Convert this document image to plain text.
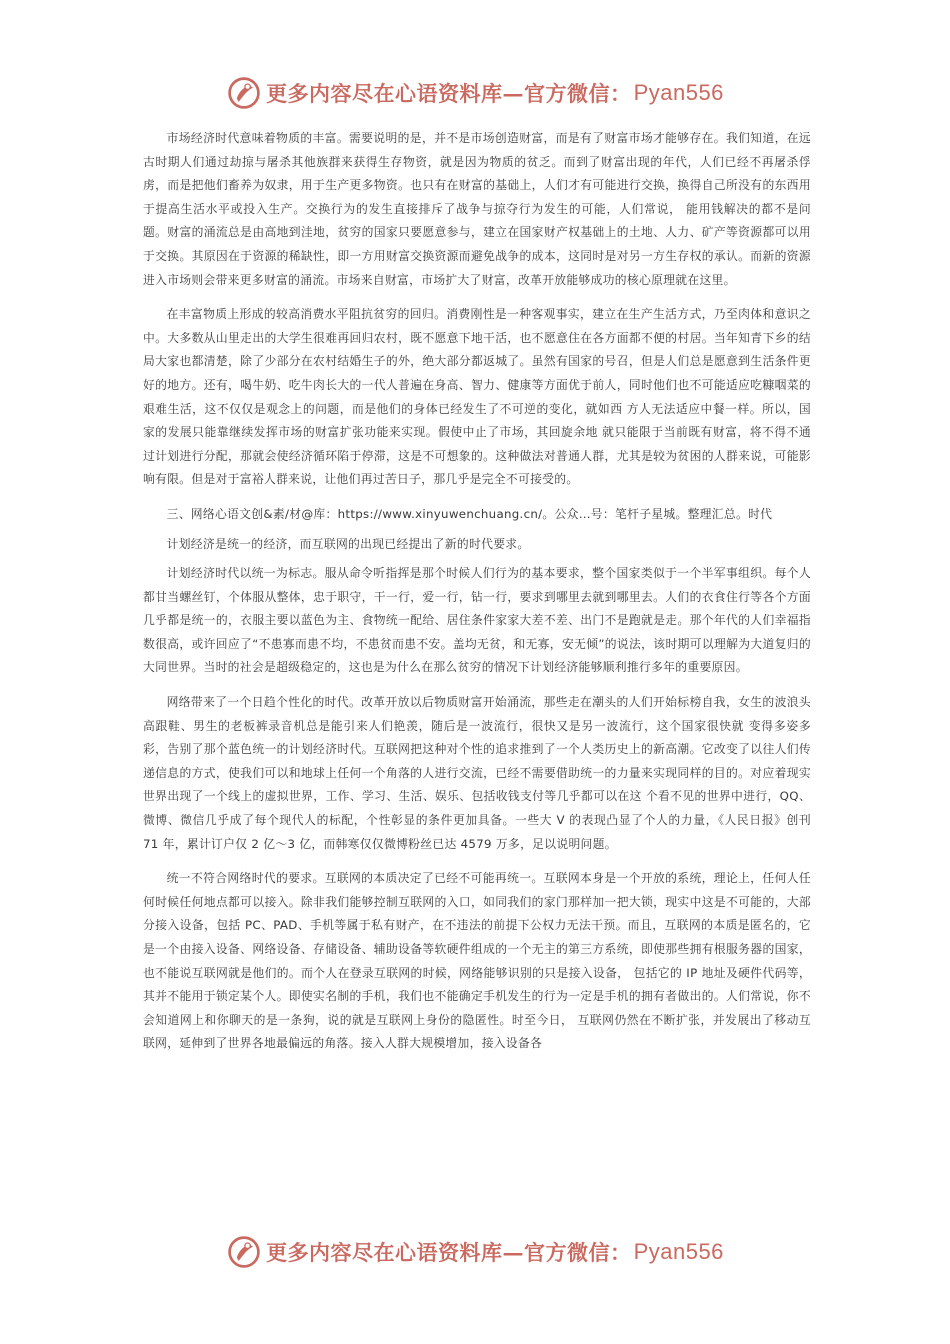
更多内容尽在心语资料库—官方微信： Pyan556

市场经济时代意味着物质的丰富。需要说明的是，并不是市场创造财富，而是有了财富市场才能够存在。我们知道，在远古时期人们通过劫掠与屠杀其他族群来获得生存物资，就是因为物质的贫乏。而到了财富出现的年代，人们已经不再屠杀俘虏，而是把他们畜养为奴隶，用于生产更多物资。也只有在财富的基础上，人们才有可能进行交换，换得自己所没有的东西用于提高生活水平或投入生产。交换行为的发生直接排斥了战争与掠夺行为发生的可能，人们常说， 能用钱解决的都不是问题。财富的涌流总是由高地到洼地，贫穷的国家只要愿意参与，建立在国家财产权基础上的土地、人力、矿产等资源都可以用于交换。其原因在于资源的稀缺性，即一方用财富交换资源而避免战争的成本，这同时是对另一方生存权的承认。而新的资源进入市场则会带来更多财富的涌流。市场来自财富，市场扩大了财富，改革开放能够成功的核心原理就在这里。

在丰富物质上形成的较高消费水平阻抗贫穷的回归。消费刚性是一种客观事实，建立在生产生活方式，乃至肉体和意识之中。大多数从山里走出的大学生很难再回归农村，既不愿意下地干活，也不愿意住在各方面都不便的村居。当年知青下乡的结局大家也都清楚，除了少部分在农村结婚生子的外，绝大部分都返城了。虽然有国家的号召，但是人们总是愿意到生活条件更好的地方。还有，喝牛奶、吃牛肉长大的一代人普遍在身高、智力、健康等方面优于前人，同时他们也不可能适应吃糠咽菜的艰难生活，这不仅仅是观念上的问题，而是他们的身体已经发生了不可逆的变化，就如西 方人无法适应中餐一样。所以，国家的发展只能靠继续发挥市场的财富扩张功能来实现。假使中止了市场，其回旋余地 就只能限于当前既有财富，将不得不通过计划进行分配，那就会使经济循环陷于停滞，这是不可想象的。这种做法对普通人群，尤其是较为贫困的人群来说，可能影响有限。但是对于富裕人群来说，让他们再过苦日子，那几乎是完全不可接受的。

三、网络心语文创&素/材@库：https://www.xinyuwenchuang.cn/。公众…号：笔杆子星城。整理汇总。时代

计划经济是统一的经济，而互联网的出现已经提出了新的时代要求。

计划经济时代以统一为标志。服从命令听指挥是那个时候人们行为的基本要求，整个国家类似于一个半军事组织。每个人都甘当螺丝钉，个体服从整体，忠于职守，干一行，爱一行，钻一行，要求到哪里去就到哪里去。人们的衣食住行等各个方面几乎都是统一的，衣服主要以蓝色为主、食物统一配给、居住条件家家大差不差、出门不是跑就是走。那个年代的人们幸福指数很高，或许回应了“不患寡而患不均，不患贫而患不安。盖均无贫，和无寡，安无倾”的说法，该时期可以理解为大道复归的大同世界。当时的社会是超级稳定的，这也是为什么在那么贫穷的情况下计划经济能够顺利推行多年的重要原因。

网络带来了一个日趋个性化的时代。改革开放以后物质财富开始涌流，那些走在潮头的人们开始标榜自我，女生的波浪头高跟鞋、男生的老板裤录音机总是能引来人们艳羡，随后是一波流行，很快又是另一波流行，这个国家很快就 变得多姿多彩，告别了那个蓝色统一的计划经济时代。互联网把这种对个性的追求推到了一个人类历史上的新高潮。它改变了以往人们传递信息的方式，使我们可以和地球上任何一个角落的人进行交流，已经不需要借助统一的力量来实现同样的目的。对应着现实世界出现了一个线上的虚拟世界，工作、学习、生活、娱乐、包括收钱支付等几乎都可以在这 个看不见的世界中进行，QQ、微博、微信几乎成了每个现代人的标配，个性彰显的条件更加具备。一些大 V 的表现凸显了个人的力量，《人民日报》创刊 71 年，累计订户仅 2 亿～3 亿，而韩寒仅仅微博粉丝已达 4579 万多，足以说明问题。

统一不符合网络时代的要求。互联网的本质决定了已经不可能再统一。互联网本身是一个开放的系统，理论上，任何人任何时候任何地点都可以接入。除非我们能够控制互联网的入口，如同我们的家门那样加一把大锁，现实中这是不可能的，大部分接入设备，包括 PC、PAD、手机等属于私有财产，在不违法的前提下公权力无法干预。而且，互联网的本质是匿名的，它是一个由接入设备、网络设备、存储设备、辅助设备等软硬件组成的一个无主的第三方系统，即使那些拥有根服务器的国家，也不能说互联网就是他们的。而个人在登录互联网的时候，网络能够识别的只是接入设备， 包括它的 IP 地址及硬件代码等，其并不能用于锁定某个人。即使实名制的手机，我们也不能确定手机发生的行为一定是手机的拥有者做出的。人们常说，你不会知道网上和你聊天的是一条狗，说的就是互联网上身份的隐匿性。时至今日， 互联网仍然在不断扩张，并发展出了移动互联网，延伸到了世界各地最偏远的角落。接入人群大规模增加，接入设备各

更多内容尽在心语资料库—官方微信： Pyan556
